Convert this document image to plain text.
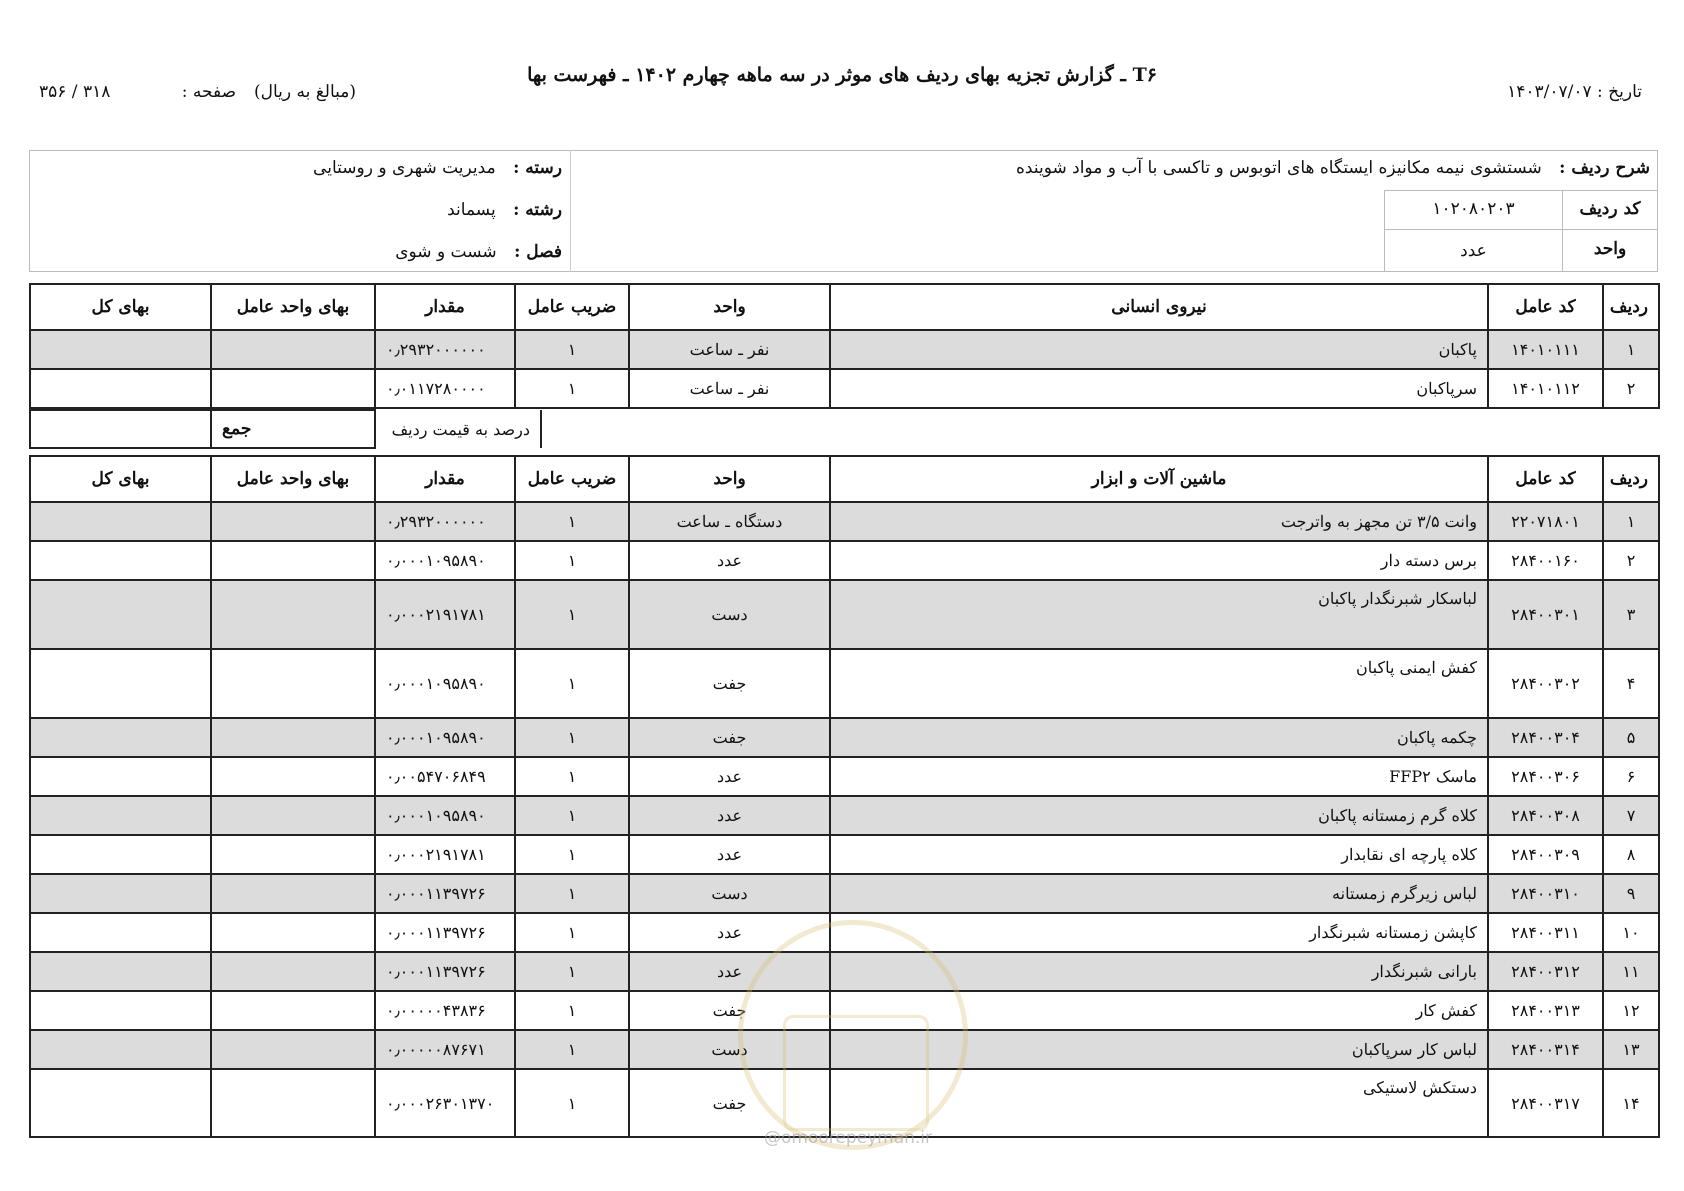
T۶ ـ گزارش تجزیه بهای ردیف های موثر در سه ماهه چهارم ۱۴۰۲ ـ فهرست بها
تاریخ : ۱۴۰۳/۰۷/۰۷
(مبالغ به ریال)
صفحه : ۳۱۸ / ۳۵۶
شرح ردیف : شستشوی نیمه مکانیزه ایستگاه های اتوبوس و تاکسی با آب و مواد شوینده
کد ردیف
۱۰۲۰۸۰۲۰۳
واحد
عدد
رسته : مدیریت شهری و روستایی
رشته : پسماند
فصل : شست و شوی
ردیف	کد عامل	نیروی انسانی	واحد	ضریب عامل	مقدار	بهای واحد عامل	بهای کل
۱	۱۴۰۱۰۱۱۱	پاکبان	نفر ـ ساعت	۱	۰٫۲۹۳۲۰۰۰۰۰۰		
۲	۱۴۰۱۰۱۱۲	سرپاکبان	نفر ـ ساعت	۱	۰٫۰۱۱۷۲۸۰۰۰۰		
درصد به قیمت ردیف	جمع	
ردیف	کد عامل	ماشین آلات و ابزار	واحد	ضریب عامل	مقدار	بهای واحد عامل	بهای کل
۱	۲۲۰۷۱۸۰۱	وانت ۳/۵ تن مجهز به واترجت	دستگاه ـ ساعت	۱	۰٫۲۹۳۲۰۰۰۰۰۰		
۲	۲۸۴۰۰۱۶۰	برس دسته دار	عدد	۱	۰٫۰۰۰۱۰۹۵۸۹۰		
۳	۲۸۴۰۰۳۰۱	لباسکار شبرنگدار پاکبان	دست	۱	۰٫۰۰۰۲۱۹۱۷۸۱		
۴	۲۸۴۰۰۳۰۲	کفش ایمنی پاکبان	جفت	۱	۰٫۰۰۰۱۰۹۵۸۹۰		
۵	۲۸۴۰۰۳۰۴	چکمه پاکبان	جفت	۱	۰٫۰۰۰۱۰۹۵۸۹۰		
۶	۲۸۴۰۰۳۰۶	ماسک FFP۲	عدد	۱	۰٫۰۰۵۴۷۰۶۸۴۹		
۷	۲۸۴۰۰۳۰۸	کلاه گرم زمستانه پاکبان	عدد	۱	۰٫۰۰۰۱۰۹۵۸۹۰		
۸	۲۸۴۰۰۳۰۹	کلاه پارچه ای نقابدار	عدد	۱	۰٫۰۰۰۲۱۹۱۷۸۱		
۹	۲۸۴۰۰۳۱۰	لباس زیرگرم زمستانه	دست	۱	۰٫۰۰۰۱۱۳۹۷۲۶		
۱۰	۲۸۴۰۰۳۱۱	کاپشن زمستانه شبرنگدار	عدد	۱	۰٫۰۰۰۱۱۳۹۷۲۶		
۱۱	۲۸۴۰۰۳۱۲	بارانی شبرنگدار	عدد	۱	۰٫۰۰۰۱۱۳۹۷۲۶		
۱۲	۲۸۴۰۰۳۱۳	کفش کار	جفت	۱	۰٫۰۰۰۰۰۴۳۸۳۶		
۱۳	۲۸۴۰۰۳۱۴	لباس کار سرپاکبان	دست	۱	۰٫۰۰۰۰۰۸۷۶۷۱		
۱۴	۲۸۴۰۰۳۱۷	دستکش لاستیکی	جفت	۱	۰٫۰۰۰۲۶۳۰۱۳۷۰		
@omoorepeyman.ir
